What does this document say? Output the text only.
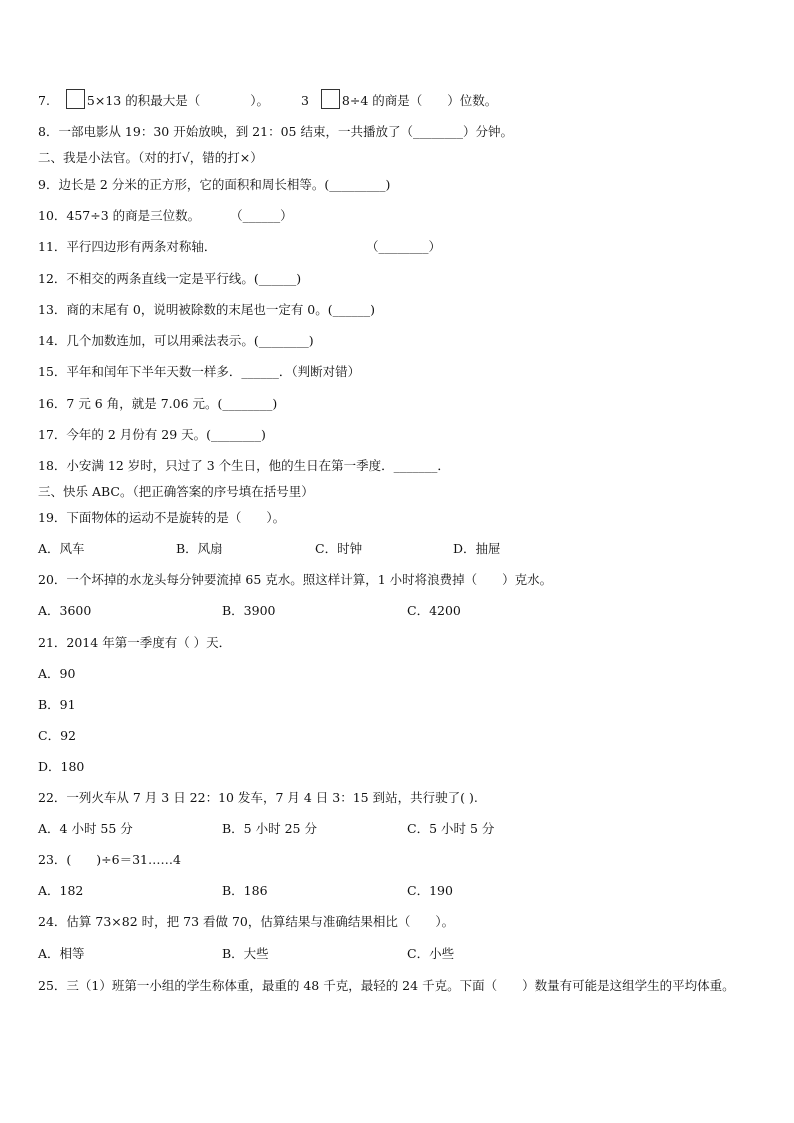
7.	5×13 的积最大是（　　　　）。	3	8÷4 的商是（　　）位数。
8．一部电影从 19：30 开始放映，到 21：05 结束，一共播放了（________）分钟。
二、我是小法官。（对的打√，错的打×）
9．边长是 2 分米的正方形，它的面积和周长相等。(_________)
10．457÷3 的商是三位数。 （______）
11．平行四边形有两条对称轴．	（________）
12．不相交的两条直线一定是平行线。(______)
13．商的末尾有 0，说明被除数的末尾也一定有 0。(______)
14．几个加数连加，可以用乘法表示。(________)
15．平年和闰年下半年天数一样多．______．（判断对错）
16．7 元 6 角，就是 7.06 元。(________)
17．今年的 2 月份有 29 天。(________)
18．小安满 12 岁时，只过了 3 个生日，他的生日在第一季度．_______．
三、快乐 ABC。（把正确答案的序号填在括号里）
19．下面物体的运动不是旋转的是（　　）。
A．风车	B．风扇	C．时钟	D．抽屉
20．一个坏掉的水龙头每分钟要流掉 65 克水。照这样计算，1 小时将浪费掉（　　）克水。
A．3600	B．3900	C．4200
21．2014 年第一季度有（ ）天．
A．90
B．91
C．92
D．180
22．一列火车从 7 月 3 日 22：10 发车，7 月 4 日 3：15 到站，共行驶了( ).
A．4 小时 55 分	B．5 小时 25 分	C．5 小时 5 分
23．(　　)÷6＝31……4
A．182	B．186	C．190
24．估算 73×82 时，把 73 看做 70，估算结果与准确结果相比（　　）。
A．相等	B．大些	C．小些
25．三（1）班第一小组的学生称体重，最重的 48 千克，最轻的 24 千克。下面（　　）数量有可能是这组学生的平均体重。
